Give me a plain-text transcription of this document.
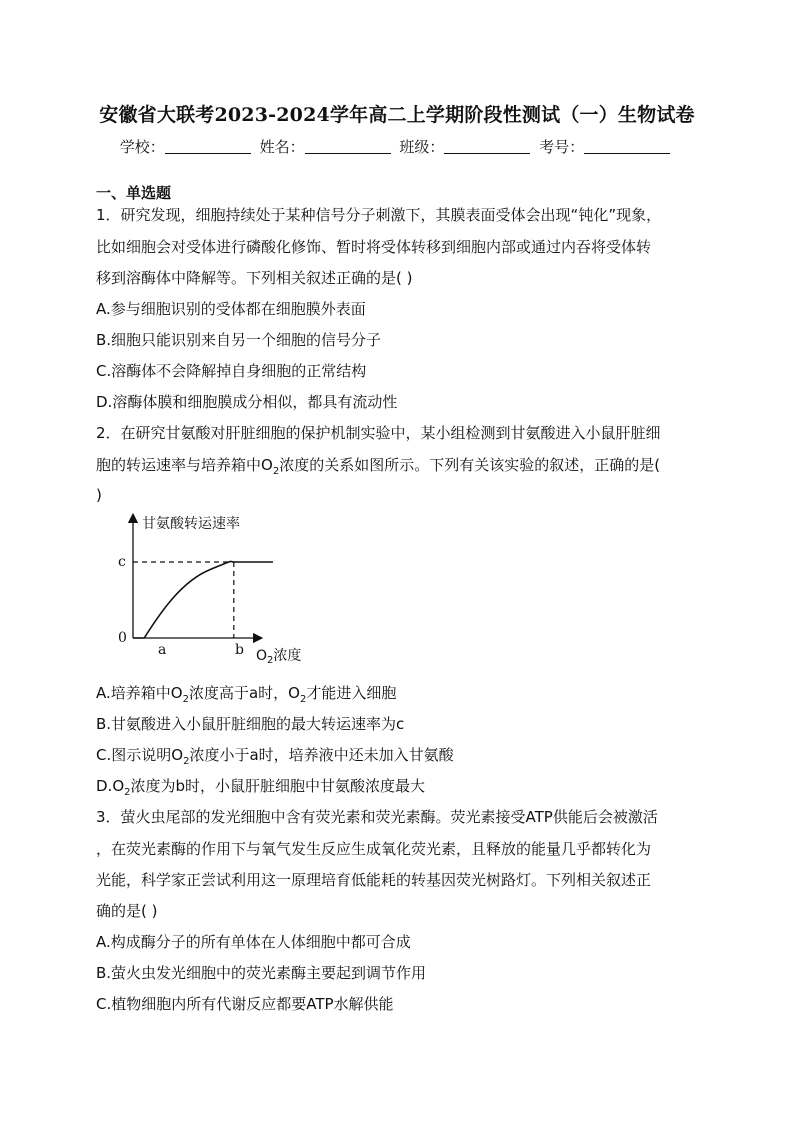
安徽省大联考2023-2024学年高二上学期阶段性测试（一）生物试卷
学校：	姓名：	班级：	考号：
一、单选题
1．研究发现，细胞持续处于某种信号分子刺激下，其膜表面受体会出现“钝化”现象，
比如细胞会对受体进行磷酸化修饰、暂时将受体转移到细胞内部或通过内吞将受体转
移到溶酶体中降解等。下列相关叙述正确的是( )
A.参与细胞识别的受体都在细胞膜外表面
B.细胞只能识别来自另一个细胞的信号分子
C.溶酶体不会降解掉自身细胞的正常结构
D.溶酶体膜和细胞膜成分相似，都具有流动性
2．在研究甘氨酸对肝脏细胞的保护机制实验中，某小组检测到甘氨酸进入小鼠肝脏细
胞的转运速率与培养箱中$O_2$浓度的关系如图所示。下列有关该实验的叙述，正确的是(
)
甘氨酸转运速率
0
c
a	b $O_2$浓度
A.培养箱中$O_2$浓度高于a时，$O_2$才能进入细胞
B.甘氨酸进入小鼠肝脏细胞的最大转运速率为c
C.图示说明$O_2$浓度小于a时，培养液中还未加入甘氨酸
$D.O_2$浓度为b时，小鼠肝脏细胞中甘氨酸浓度最大
3．萤火虫尾部的发光细胞中含有荧光素和荧光素酶。荧光素接受ATP供能后会被激活
，在荧光素酶的作用下与氧气发生反应生成氧化荧光素，且释放的能量几乎都转化为
光能，科学家正尝试利用这一原理培育低能耗的转基因荧光树路灯。下列相关叙述正
确的是( )
A.构成酶分子的所有单体在人体细胞中都可合成
B.萤火虫发光细胞中的荧光素酶主要起到调节作用
C.植物细胞内所有代谢反应都要ATP水解供能
